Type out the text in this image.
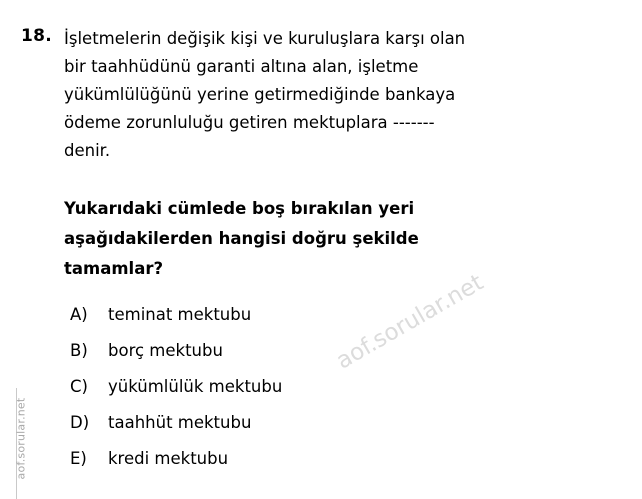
aof.sorular.net
aof.sorular.net
18. İşletmelerin değişik kişi ve kuruluşlara karşı olan
bir taahhüdünü garanti altına alan, işletme
yükümlülüğünü yerine getirmediğinde bankaya
ödeme zorunluluğu getiren mektuplara -------
denir.
Yukarıdaki cümlede boş bırakılan yeri
aşağıdakilerden hangisi doğru şekilde
tamamlar?
A)	teminat mektubu
B)	borç mektubu
C)	yükümlülük mektubu
D)	taahhüt mektubu
E)	kredi mektubu
